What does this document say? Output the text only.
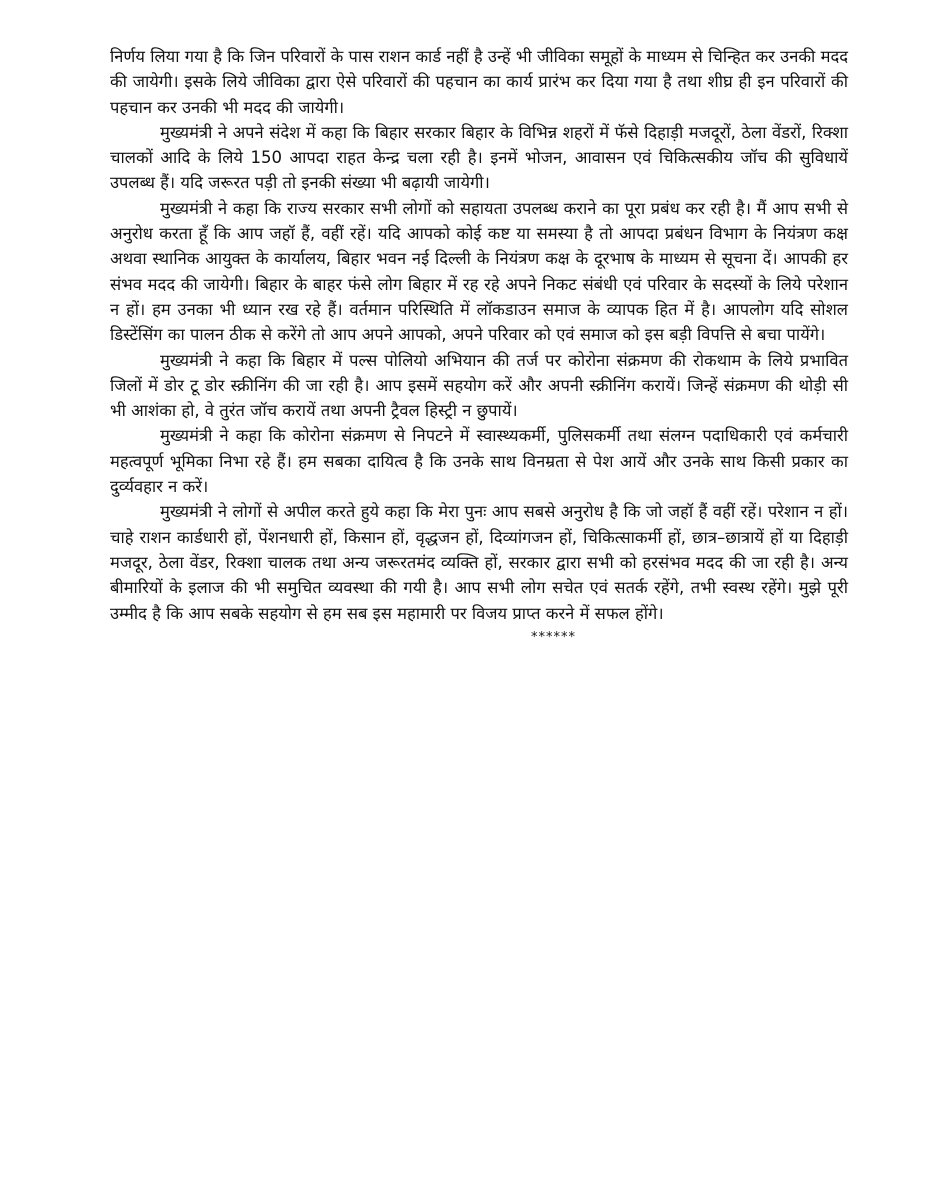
निर्णय लिया गया है कि जिन परिवारों के पास राशन कार्ड नहीं है उन्हें भी जीविका समूहों के माध्यम से चिन्हित कर उनकी मदद की जायेगी। इसके लिये जीविका द्वारा ऐसे परिवारों की पहचान का कार्य प्रारंभ कर दिया गया है तथा शीघ्र ही इन परिवारों की पहचान कर उनकी भी मदद की जायेगी।

मुख्यमंत्री ने अपने संदेश में कहा कि बिहार सरकार बिहार के विभिन्न शहरों में फॅसे दिहाड़ी मजदूरों, ठेला वेंडरों, रिक्शा चालकों आदि के लिये 150 आपदा राहत केन्द्र चला रही है। इनमें भोजन, आवासन एवं चिकित्सकीय जॉच की सुविधायें उपलब्ध हैं। यदि जरूरत पड़ी तो इनकी संख्या भी बढ़ायी जायेगी।

मुख्यमंत्री ने कहा कि राज्य सरकार सभी लोगों को सहायता उपलब्ध कराने का पूरा प्रबंध कर रही है। मैं आप सभी से अनुरोध करता हूँ कि आप जहॉ हैं, वहीं रहें। यदि आपको कोई कष्ट या समस्या है तो आपदा प्रबंधन विभाग के नियंत्रण कक्ष अथवा स्थानिक आयुक्त के कार्यालय, बिहार भवन नई दिल्ली के नियंत्रण कक्ष के दूरभाष के माध्यम से सूचना दें। आपकी हर संभव मदद की जायेगी। बिहार के बाहर फंसे लोग बिहार में रह रहे अपने निकट संबंधी एवं परिवार के सदस्यों के लिये परेशान न हों। हम उनका भी ध्यान रख रहे हैं। वर्तमान परिस्थिति में लॉकडाउन समाज के व्यापक हित में है। आपलोग यदि सोशल डिस्टेंसिंग का पालन ठीक से करेंगे तो आप अपने आपको, अपने परिवार को एवं समाज को इस बड़ी विपत्ति से बचा पायेंगे।

मुख्यमंत्री ने कहा कि बिहार में पल्स पोलियो अभियान की तर्ज पर कोरोना संक्रमण की रोकथाम के लिये प्रभावित जिलों में डोर टू डोर स्क्रीनिंग की जा रही है। आप इसमें सहयोग करें और अपनी स्क्रीनिंग करायें। जिन्हें संक्रमण की थोड़ी सी भी आशंका हो, वे तुरंत जॉच करायें तथा अपनी ट्रैवल हिस्ट्री न छुपायें।

मुख्यमंत्री ने कहा कि कोरोना संक्रमण से निपटने में स्वास्थ्यकर्मी, पुलिसकर्मी तथा संलग्न पदाधिकारी एवं कर्मचारी महत्वपूर्ण भूमिका निभा रहे हैं। हम सबका दायित्व है कि उनके साथ विनम्रता से पेश आयें और उनके साथ किसी प्रकार का दुर्व्यवहार न करें।

मुख्यमंत्री ने लोगों से अपील करते हुये कहा कि मेरा पुनः आप सबसे अनुरोध है कि जो जहॉ हैं वहीं रहें। परेशान न हों। चाहे राशन कार्डधारी हों, पेंशनधारी हों, किसान हों, वृद्धजन हों, दिव्यांगजन हों, चिकित्साकर्मी हों, छात्र–छात्रायें हों या दिहाड़ी मजदूर, ठेला वेंडर, रिक्शा चालक तथा अन्य जरूरतमंद व्यक्ति हों, सरकार द्वारा सभी को हरसंभव मदद की जा रही है। अन्य बीमारियों के इलाज की भी समुचित व्यवस्था की गयी है। आप सभी लोग सचेत एवं सतर्क रहेंगे, तभी स्वस्थ रहेंगे। मुझे पूरी उम्मीद है कि आप सबके सहयोग से हम सब इस महामारी पर विजय प्राप्त करने में सफल होंगे।

******
